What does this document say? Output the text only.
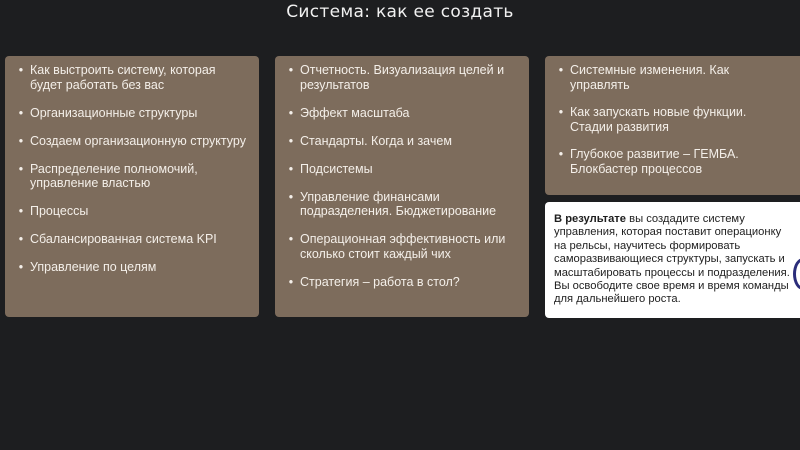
Система: как ее создать
• Как выстроить систему, которая будет работать без вас
• Организационные структуры
• Создаем организационную структуру
• Распределение полномочий, управление властью
• Процессы
• Сбалансированная система KPI
• Управление по целям
• Отчетность. Визуализация целей и результатов
• Эффект масштаба
• Стандарты. Когда и зачем
• Подсистемы
• Управление финансами подразделения. Бюджетирование
• Операционная эффективность или сколько стоит каждый чих
• Стратегия – работа в стол?
• Системные изменения. Как управлять
• Как запускать новые функции. Стадии развития
• Глубокое развитие – ГЕМБА. Блокбастер процессов
В результате вы создадите систему управления, которая поставит операционку на рельсы, научитесь формировать саморазвивающиеся структуры, запускать и масштабировать процессы и подразделения. Вы освободите свое время и время команды для дальнейшего роста.
